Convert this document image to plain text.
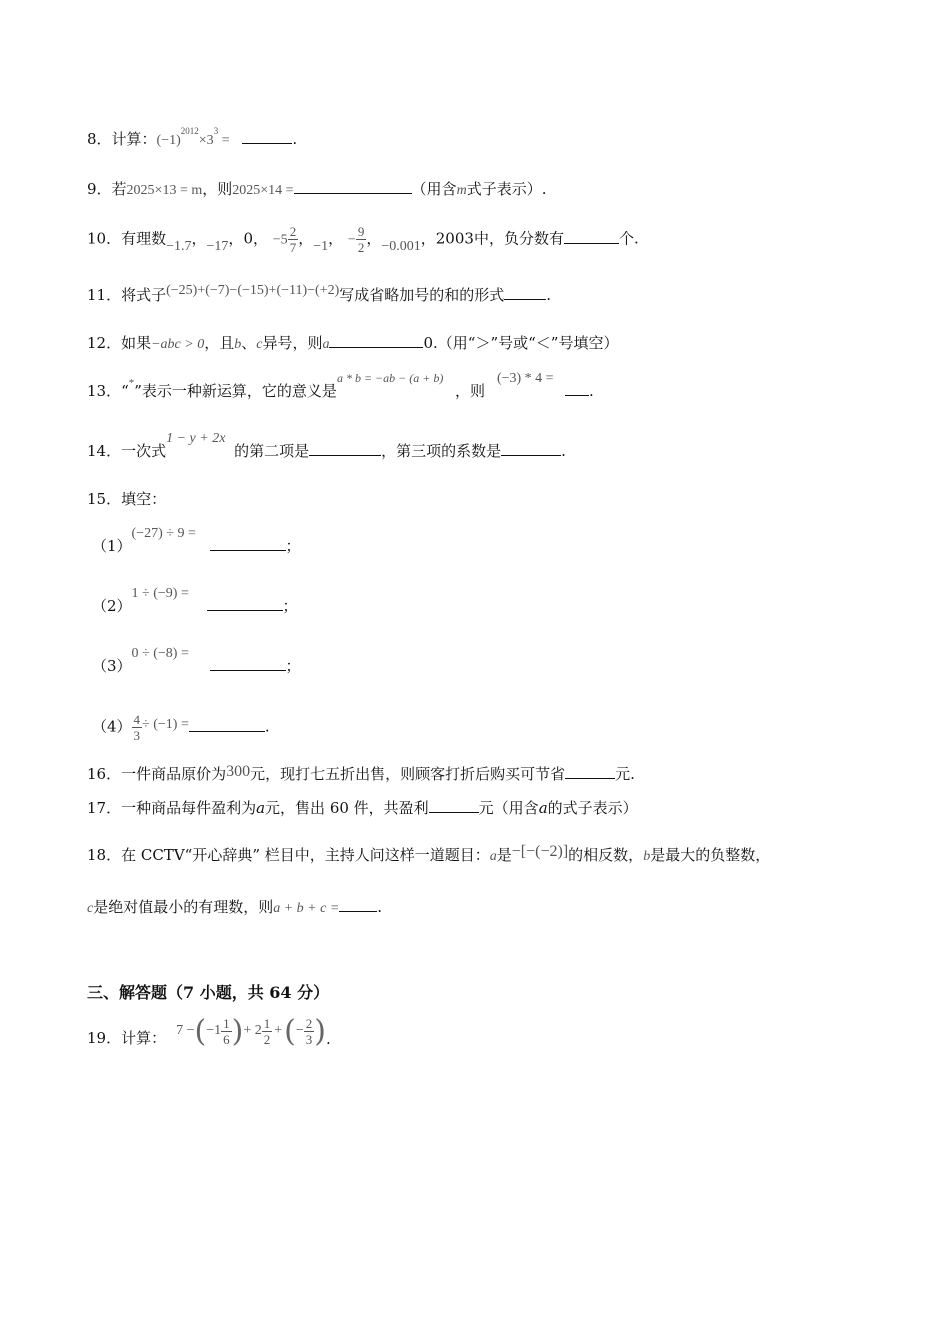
8．计算：$(-1)^{2012}\times 3^3$ =	.
9．若2025×13 = m，则2025×14 =	（用含m式子表示）.
10．有理数−1.7，−17，0， $-5 \frac{2}{7}$ ，−1， − $\frac{9}{2}$ ，−0.001，2003中，负分数有	个.
11．将式子(−25)+(−7)−(−15)+(−11)−(+2)写成省略加号的和的形式	.
12．如果−abc > 0，且b、c异号，则a	0.（用“＞”号或“＜”号填空）
13．“*”表示一种新运算，它的意义是a * b = −ab − (a + b)，则(−3) * 4 =.
14．一次式1 − y + 2x的第二项是	，第三项的系数是	.
15．填空：
（1）(−27) ÷ 9 =；
（2）1 ÷ (−9) =；
（3）0 ÷ (−8) =；
$(4) \frac{4}{3} \div (-1)$ =	.
16．一件商品原价为300元，现打七五折出售，则顾客打折后购买可节省	元.
17．一种商品每件盈利为a元，售出 60 件，共盈利	元（用含a的式子表示）
18．在 CCTV“开心辞典” 栏目中，主持人问这样一道题目：a是−[−(−2)]的相反数，b是最大的负整数，
c是绝对值最小的有理数，则a + b + c =	.
三、解答题（7 小题，共 64 分）
19．计算： 7 − ( $-1 \frac{1}{6}$ ) + $2 \frac{1}{2}$ + ( − $\frac{2}{3}$ ) .
